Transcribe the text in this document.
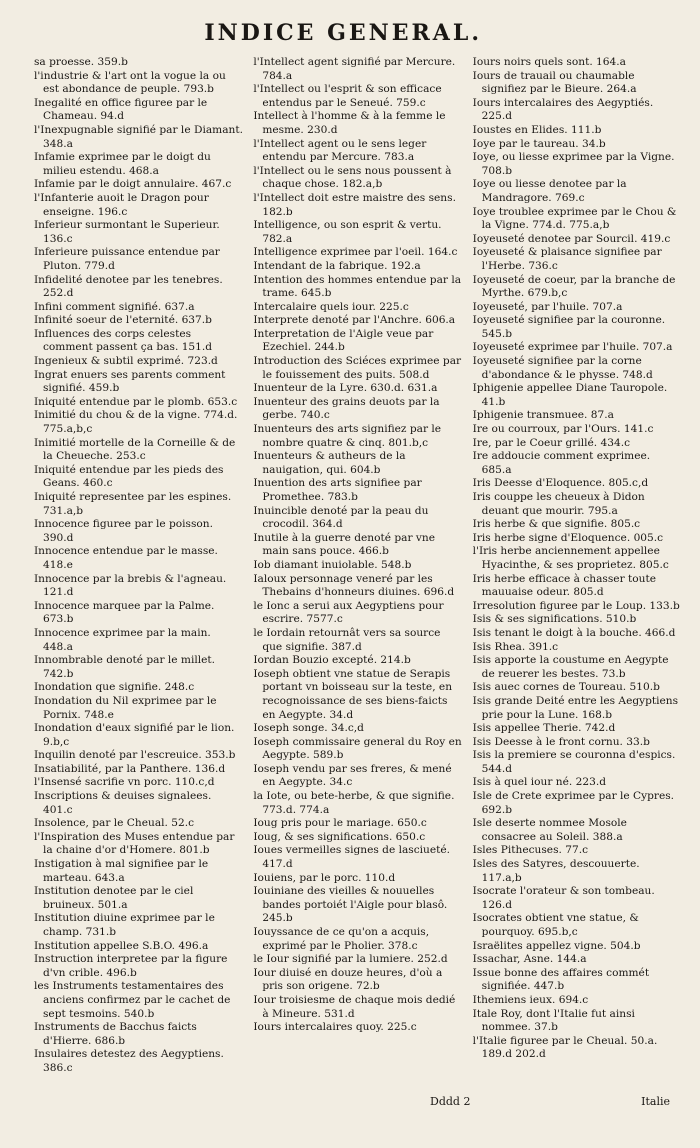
INDICE GENERAL.
sa proesse. 359.b
l'industrie & l'art ont la vogue la ou est abondance de peuple. 793.b
Inegalité en office figuree par le Chameau. 94.d
l'Inexpugnable signifié par le Diamant. 348.a
Infamie exprimee par le doigt du milieu estendu. 468.a
Infamie par le doigt annulaire. 467.c
l'Infanterie auoit le Dragon pour enseigne. 196.c
Inferieur surmontant le Superieur. 136.c
Inferieure puissance entendue par Pluton. 779.d
Infidelité denotee par les tenebres. 252.d
Infini comment signifié. 637.a
Infinité soeur de l'eternité. 637.b
Influences des corps celestes comment passent ça bas. 151.d
Ingenieux & subtil exprimé. 723.d
Ingrat enuers ses parents comment signifié. 459.b
Iniquité entendue par le plomb. 653.c
Inimitié du chou & de la vigne. 774.d. 775.a,b,c
Inimitié mortelle de la Corneille & de la Cheueche. 253.c
Iniquité entendue par les pieds des Geans. 460.c
Iniquité representee par les espines. 731.a,b
Innocence figuree par le poisson. 390.d
Innocence entendue par le masse. 418.e
Innocence par la brebis & l'agneau. 121.d
Innocence marquee par la Palme. 673.b
Innocence exprimee par la main. 448.a
Innombrable denoté par le millet. 742.b
Inondation que signifie. 248.c
Inondation du Nil exprimee par le Pornix. 748.e
Inondation d'eaux signifié par le lion. 9.b,c
Inquilin denoté par l'escreuice. 353.b
Insatiabilité, par la Panthere. 136.d
l'Insensé sacrifie vn porc. 110.c,d
Inscriptions & deuises signalees. 401.c
Insolence, par le Cheual. 52.c
l'Inspiration des Muses entendue par la chaine d'or d'Homere. 801.b
Instigation à mal signifiee par le marteau. 643.a
Institution denotee par le ciel bruineux. 501.a
Institution diuine exprimee par le champ. 731.b
Institution appellee S.B.O. 496.a
Instruction interpretee par la figure d'vn crible. 496.b
les Instruments testamentaires des anciens confirmez par le cachet de sept tesmoins. 540.b
Instruments de Bacchus faicts d'Hierre. 686.b
Insulaires detestez des Aegyptiens. 386.c
l'Intellect agent signifié par Mercure. 784.a
l'Intellect ou l'esprit & son efficace entendus par le Seneué. 759.c
Intellect à l'homme & à la femme le mesme. 230.d
l'Intellect agent ou le sens leger entendu par Mercure. 783.a
l'Intellect ou le sens nous poussent à chaque chose. 182.a,b
l'Intellect doit estre maistre des sens. 182.b
Intelligence, ou son esprit & vertu. 782.a
Intelligence exprimee par l'oeil. 164.c
Intendant de la fabrique. 192.a
Intention des hommes entendue par la trame. 645.b
Intercalaire quels iour. 225.c
Interprete denoté par l'Anchre. 606.a
Interpretation de l'Aigle veue par Ezechiel. 244.b
Introduction des Sciéces exprimee par le fouissement des puits. 508.d
Inuenteur de la Lyre. 630.d. 631.a
Inuenteur des grains deuots par la gerbe. 740.c
Inuenteurs des arts signifiez par le nombre quatre & cinq. 801.b,c
Inuenteurs & autheurs de la nauigation, qui. 604.b
Inuention des arts signifiee par Promethee. 783.b
Inuincible denoté par la peau du crocodil. 364.d
Inutile à la guerre denoté par vne main sans pouce. 466.b
Iob diamant inuiolable. 548.b
Ialoux personnage veneré par les Thebains d'honneurs diuines. 696.d
le Ionc a serui aux Aegyptiens pour escrire. 7577.c
le Iordain retournât vers sa source que signifie. 387.d
Iordan Bouzio excepté. 214.b
Ioseph obtient vne statue de Serapis portant vn boisseau sur la teste, en recognoissance de ses biens-faicts en Aegypte. 34.d
Ioseph songe. 34.c,d
Ioseph commissaire general du Roy en Aegypte. 589.b
Ioseph vendu par ses freres, & mené en Aegypte. 34.c
la Iote, ou bete-herbe, & que signifie. 773.d. 774.a
Ioug pris pour le mariage. 650.c
Ioug, & ses significations. 650.c
Ioues vermeilles signes de lasciueté. 417.d
Iouiens, par le porc. 110.d
Iouiniane des vieilles & nouuelles bandes portoiét l'Aigle pour blasô. 245.b
Iouyssance de ce qu'on a acquis, exprimé par le Pholier. 378.c
le Iour signifié par la lumiere. 252.d
Iour diuisé en douze heures, d'où a pris son origene. 72.b
Iour troisiesme de chaque mois dedié à Mineure. 531.d
Iours intercalaires quoy. 225.c
Iours noirs quels sont. 164.a
Iours de trauail ou chaumable signifiez par le Bieure. 264.a
Iours intercalaires des Aegyptiés. 225.d
Ioustes en Elides. 111.b
Ioye par le taureau. 34.b
Ioye, ou liesse exprimee par la Vigne. 708.b
Ioye ou liesse denotee par la Mandragore. 769.c
Ioye troublee exprimee par le Chou & la Vigne. 774.d. 775.a,b
Ioyeuseté denotee par Sourcil. 419.c
Ioyeuseté & plaisance signifiee par l'Herbe. 736.c
Ioyeuseté de coeur, par la branche de Myrthe. 679.b,c
Ioyeuseté, par l'huile. 707.a
Ioyeuseté signifiee par la couronne. 545.b
Ioyeuseté exprimee par l'huile. 707.a
Ioyeuseté signifiee par la corne d'abondance & le physse. 748.d
Iphigenie appellee Diane Tauropole. 41.b
Iphigenie transmuee. 87.a
Ire ou courroux, par l'Ours. 141.c
Ire, par le Coeur grillé. 434.c
Ire addoucie comment exprimee. 685.a
Iris Deesse d'Eloquence. 805.c,d
Iris couppe les cheueux à Didon deuant que mourir. 795.a
Iris herbe & que signifie. 805.c
Iris herbe signe d'Eloquence. 005.c
l'Iris herbe anciennement appellee Hyacinthe, & ses proprietez. 805.c
Iris herbe efficace à chasser toute mauuaise odeur. 805.d
Irresolution figuree par le Loup. 133.b
Isis & ses significations. 510.b
Isis tenant le doigt à la bouche. 466.d
Isis Rhea. 391.c
Isis apporte la coustume en Aegypte de reuerer les bestes. 73.b
Isis auec cornes de Toureau. 510.b
Isis grande Deité entre les Aegyptiens prie pour la Lune. 168.b
Isis appellee Therie. 742.d
Isis Deesse à le front cornu. 33.b
Isis la premiere se couronna d'espics. 544.d
Isis à quel iour né. 223.d
Isle de Crete exprimee par le Cypres. 692.b
Isle deserte nommee Mosole consacree au Soleil. 388.a
Isles Pithecuses. 77.c
Isles des Satyres, descouuerte. 117.a,b
Isocrate l'orateur & son tombeau. 126.d
Isocrates obtient vne statue, & pourquoy. 695.b,c
Israëlites appellez vigne. 504.b
Issachar, Asne. 144.a
Issue bonne des affaires commét signifiée. 447.b
Ithemiens ieux. 694.c
Itale Roy, dont l'Italie fut ainsi nommee. 37.b
l'Italie figuree par le Cheual. 50.a. 189.d 202.d
Dddd 2	Italie
